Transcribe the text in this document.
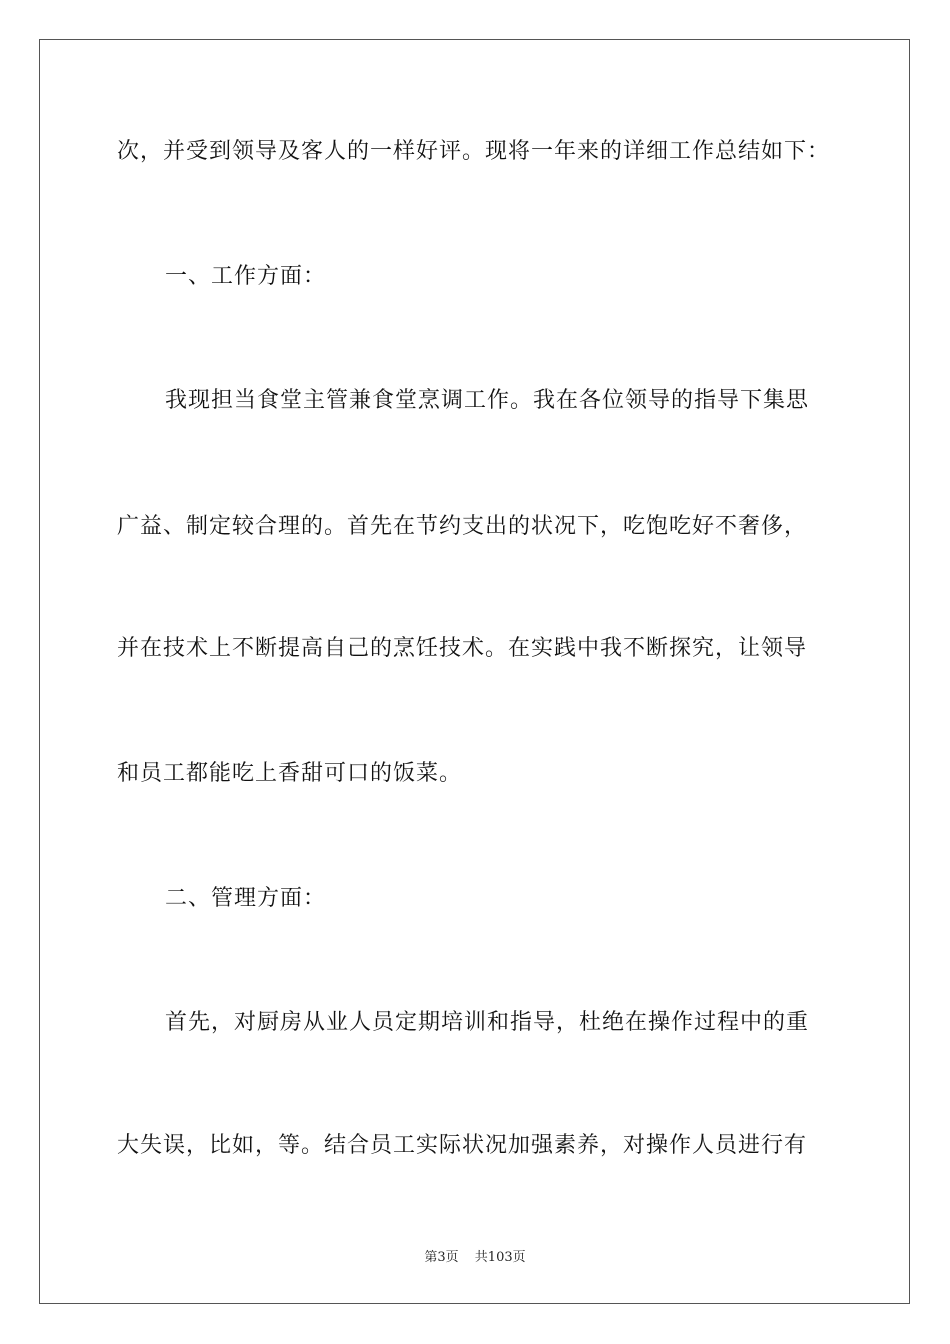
次，并受到领导及客人的一样好评。现将一年来的详细工作总结如下：
一、工作方面：
我现担当食堂主管兼食堂烹调工作。我在各位领导的指导下集思
广益、制定较合理的。首先在节约支出的状况下，吃饱吃好不奢侈，
并在技术上不断提高自己的烹饪技术。在实践中我不断探究，让领导
和员工都能吃上香甜可口的饭菜。
二、管理方面：
首先，对厨房从业人员定期培训和指导，杜绝在操作过程中的重
大失误，比如，等。结合员工实际状况加强素养，对操作人员进行有
第3页 共103页
